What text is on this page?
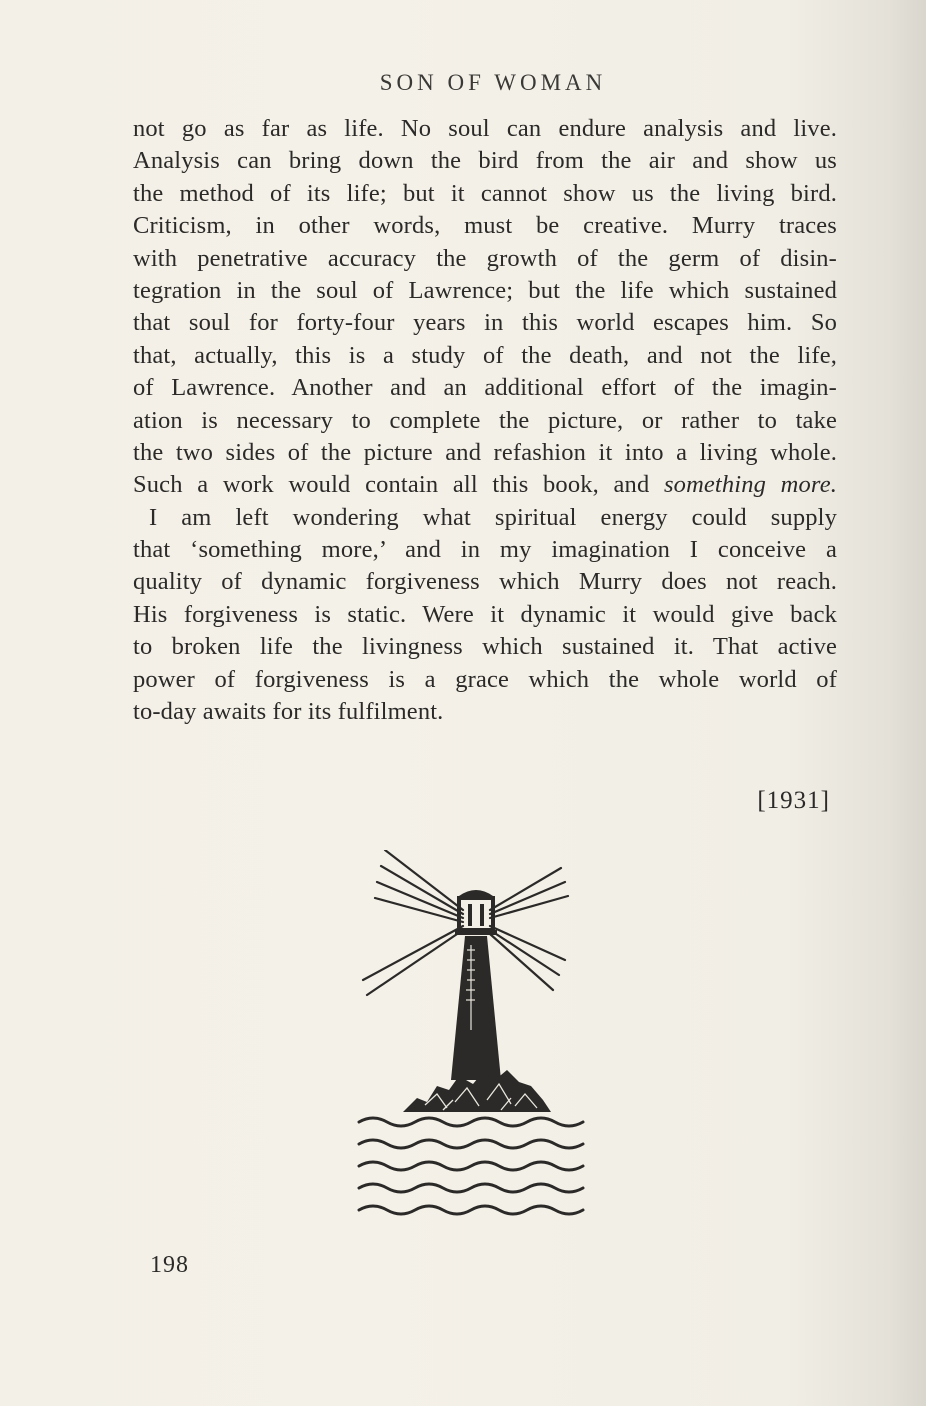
SON OF WOMAN
not go as far as life. No soul can endure analysis and live.
Analysis can bring down the bird from the air and show us
the method of its life; but it cannot show us the living bird.
Criticism, in other words, must be creative. Murry traces
with penetrative accuracy the growth of the germ of disin-
tegration in the soul of Lawrence; but the life which sustained
that soul for forty-four years in this world escapes him. So
that, actually, this is a study of the death, and not the life,
of Lawrence. Another and an additional effort of the imagin-
ation is necessary to complete the picture, or rather to take
the two sides of the picture and refashion it into a living whole.
Such a work would contain all this book, and something more.
I am left wondering what spiritual energy could supply
that ‘something more,’ and in my imagination I conceive a
quality of dynamic forgiveness which Murry does not reach.
His forgiveness is static. Were it dynamic it would give back
to broken life the livingness which sustained it. That active
power of forgiveness is a grace which the whole world of
to-day awaits for its fulfilment.
[1931]
198
